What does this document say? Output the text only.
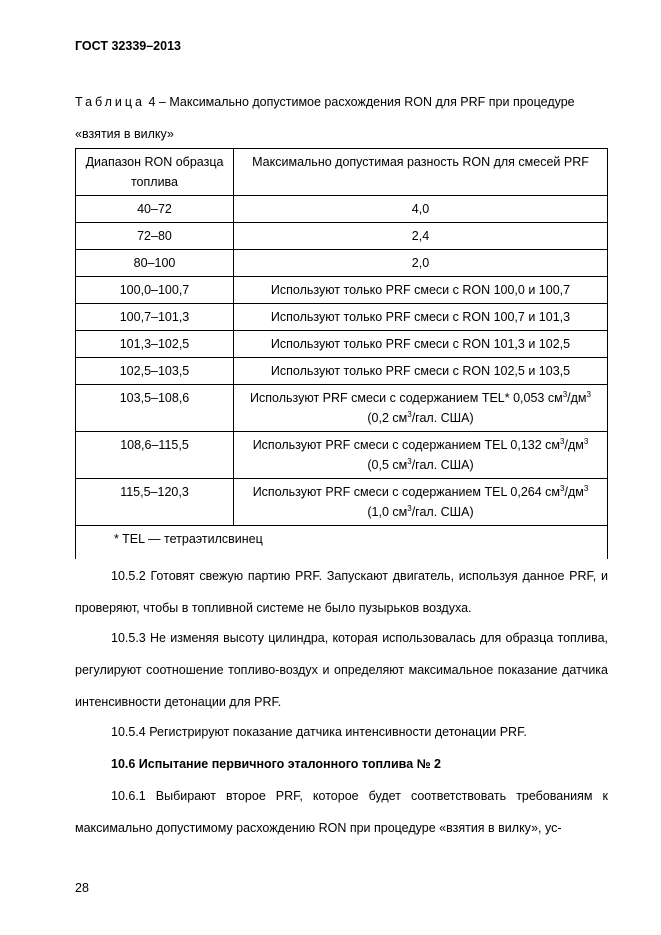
ГОСТ 32339–2013
Таблица 4 – Максимально допустимое расхождения RON для PRF при процедуре «взятия в вилку»
Диапазон RON образца топлива	Максимально допустимая разность RON для смесей PRF
40–72	4,0
72–80	2,4
80–100	2,0
100,0–100,7	Используют только PRF смеси с RON 100,0 и 100,7
100,7–101,3	Используют только PRF смеси с RON 100,7 и 101,3
101,3–102,5	Используют только PRF смеси с RON 101,3 и 102,5
102,5–103,5	Используют только PRF смеси с RON 102,5 и 103,5
103,5–108,6	Используют PRF смеси с содержанием TEL* 0,053 $см^3/дм^3$
(0,2 $см^3$/гал. США)
108,6–115,5	Используют PRF смеси с содержанием TEL 0,132 $см^3/дм^3$
(0,5 $см^3$/гал. США)
115,5–120,3	Используют PRF смеси с содержанием TEL 0,264 $см^3/дм^3$
(1,0 $см^3$/гал. США)
* TEL — тетраэтилсвинец	
10.5.2 Готовят свежую партию PRF. Запускают двигатель, используя данное PRF, и проверяют, чтобы в топливной системе не было пузырьков воздуха.
10.5.3 Не изменяя высоту цилиндра, которая использовалась для образца топлива, регулируют соотношение топливо-воздух и определяют максимальное показание датчика интенсивности детонации для PRF.
10.5.4 Регистрируют показание датчика интенсивности детонации PRF.
10.6 Испытание первичного эталонного топлива № 2
10.6.1 Выбирают второе PRF, которое будет соответствовать требованиям к максимально допустимому расхождению RON при процедуре «взятия в вилку», ус-
28
